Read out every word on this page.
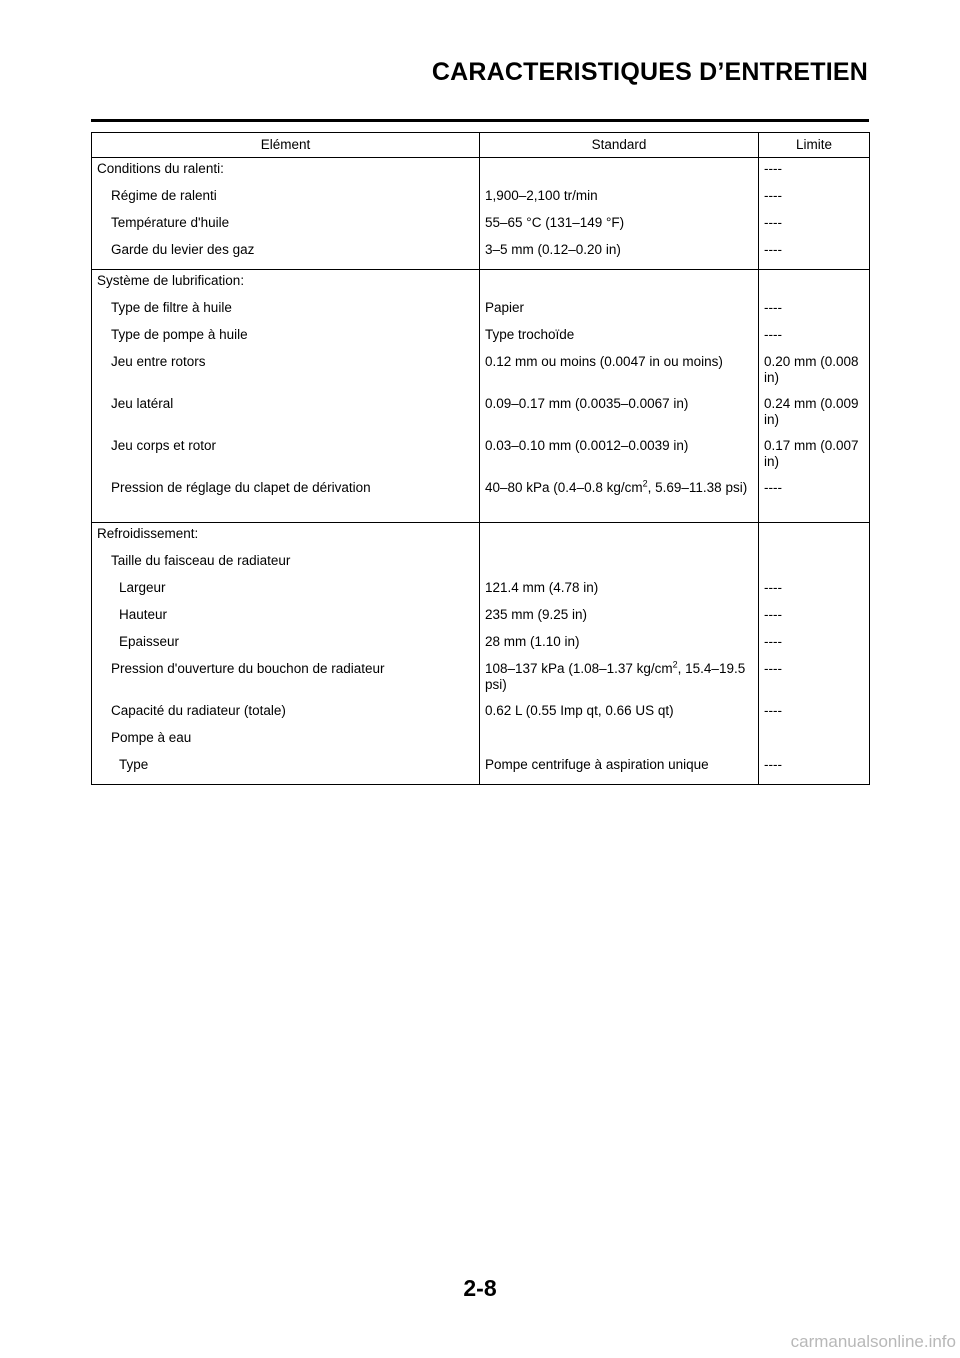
CARACTERISTIQUES D’ENTRETIEN
Elément	Standard	Limite
Conditions du ralenti:		----
Régime de ralenti	1,900–2,100 tr/min	----
Température d'huile	55–65 °C (131–149 °F)	----
Garde du levier des gaz	3–5 mm (0.12–0.20 in)	----
Système de lubrification:		
Type de filtre à huile	Papier	----
Type de pompe à huile	Type trochoïde	----
Jeu entre rotors	0.12 mm ou moins (0.0047 in ou moins)	0.20 mm (0.008 in)
Jeu latéral	0.09–0.17 mm (0.0035–0.0067 in)	0.24 mm (0.009 in)
Jeu corps et rotor	0.03–0.10 mm (0.0012–0.0039 in)	0.17 mm (0.007 in)
Pression de réglage du clapet de dérivation	40–80 kPa (0.4–0.8 $kg/cm^2$, 5.69–11.38 psi)	----
Refroidissement:		
Taille du faisceau de radiateur		
Largeur	121.4 mm (4.78 in)	----
Hauteur	235 mm (9.25 in)	----
Epaisseur	28 mm (1.10 in)	----
Pression d'ouverture du bouchon de radiateur	108–137 kPa (1.08–1.37 $kg/cm^2$, 15.4–19.5 psi)	----
Capacité du radiateur (totale)	0.62 L (0.55 Imp qt, 0.66 US qt)	----
Pompe à eau		
Type	Pompe centrifuge à aspiration unique	----
2-8
carmanualsonline.info
